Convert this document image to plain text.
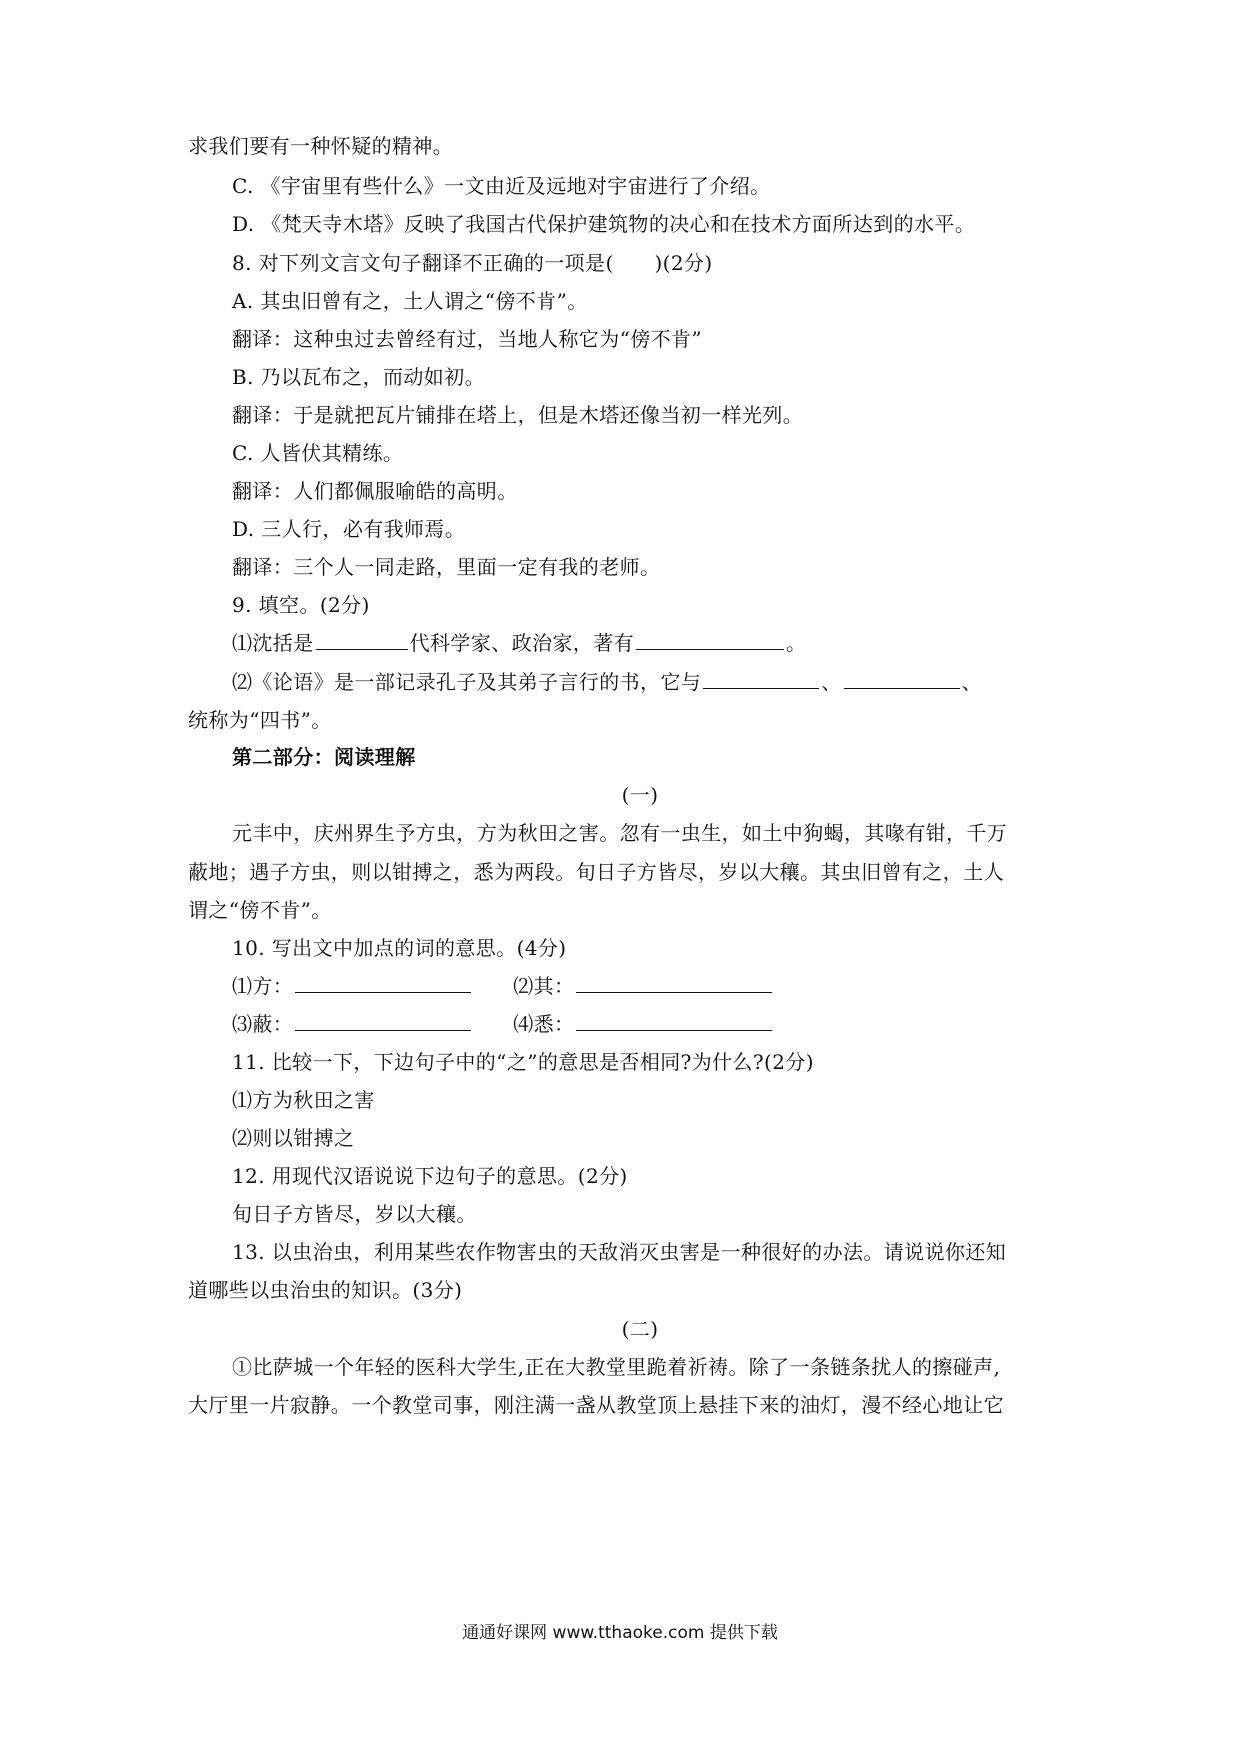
求我们要有一种怀疑的精神。
C. 《宇宙里有些什么》一文由近及远地对宇宙进行了介绍。
D. 《梵天寺木塔》反映了我国古代保护建筑物的决心和在技术方面所达到的水平。
8. 对下列文言文句子翻译不正确的一项是(　　)(2分)
A. 其虫旧曾有之，土人谓之“傍不肯”。
翻译：这种虫过去曾经有过，当地人称它为“傍不肯”
B. 乃以瓦布之，而动如初。
翻译：于是就把瓦片铺排在塔上，但是木塔还像当初一样光列。
C. 人皆伏其精练。
翻译：人们都佩服喻皓的高明。
D. 三人行，必有我师焉。
翻译：三个人一同走路，里面一定有我的老师。
9. 填空。(2分)
⑴沈括是	代科学家、政治家，著有	。
⑵《论语》是一部记录孔子及其弟子言行的书，它与	、	、
统称为“四书”。
第二部分：阅读理解
(一)
元丰中，庆州界生予方虫，方为秋田之害。忽有一虫生，如土中狗蝎，其喙有钳，千万
蔽地；遇子方虫，则以钳搏之，悉为两段。旬日子方皆尽，岁以大穰。其虫旧曾有之，土人
谓之“傍不肯”。
10. 写出文中加点的词的意思。(4分)
⑴方：	⑵其：
⑶蔽：	⑷悉：
11. 比较一下，下边句子中的“之”的意思是否相同?为什么?(2分)
⑴方为秋田之害
⑵则以钳搏之
12. 用现代汉语说说下边句子的意思。(2分)
旬日子方皆尽，岁以大穰。
13. 以虫治虫，利用某些农作物害虫的天敌消灭虫害是一种很好的办法。请说说你还知
道哪些以虫治虫的知识。(3分)
(二)
①比萨城一个年轻的医科大学生,正在大教堂里跪着祈祷。除了一条链条扰人的擦碰声,
大厅里一片寂静。一个教堂司事，刚注满一盏从教堂顶上悬挂下来的油灯，漫不经心地让它
通通好课网 www.tthaoke.com 提供下载
